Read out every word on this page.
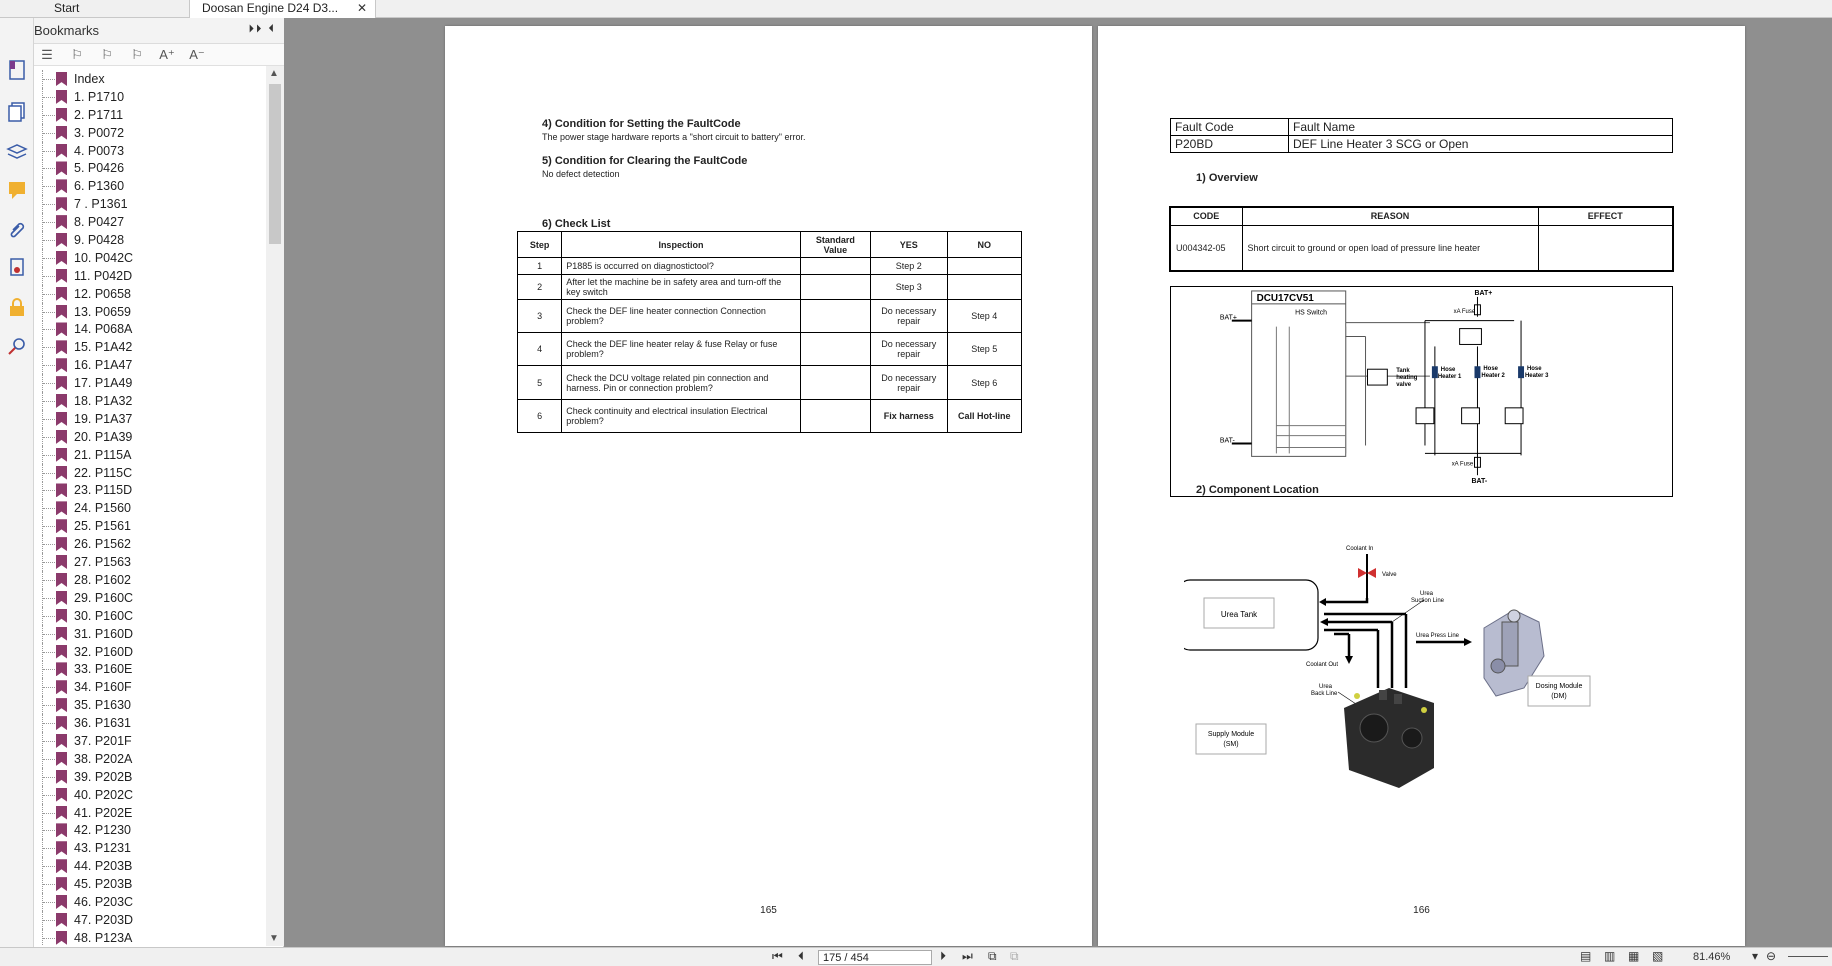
Start	Doosan Engine D24 D3... ✕
Bookmarks	⏵⏵ ⏴
☰ ⚐ ⚐ ⚐ A⁺ A⁻
Index
1. P1710
2. P1711
3. P0072
4. P0073
5. P0426
6. P1360
7 . P1361
8. P0427
9. P0428
10. P042C
11. P042D
12. P0658
13. P0659
14. P068A
15. P1A42
16. P1A47
17. P1A49
18. P1A32
19. P1A37
20. P1A39
21. P115A
22. P115C
23. P115D
24. P1560
25. P1561
26. P1562
27. P1563
28. P1602
29. P160C
30. P160C
31. P160D
32. P160D
33. P160E
34. P160F
35. P1630
36. P1631
37. P201F
38. P202A
39. P202B
40. P202C
41. P202E
42. P1230
43. P1231
44. P203B
45. P203B
46. P203C
47. P203D
48. P123A
▲
▼
4) Condition for Setting the FaultCode
The power stage hardware reports a "short circuit to battery" error.
5) Condition for Clearing the FaultCode
No defect detection
6) Check List
Step	Inspection	Standard Value	YES	NO
1	P1885 is occurred on diagnostictool?		Step 2	
2	After let the machine be in safety area and turn-off the key switch		Step 3	
3	Check the DEF line heater connection Connection problem?		Do necessary repair	Step 4
4	Check the DEF line heater relay & fuse Relay or fuse problem?		Do necessary repair	Step 5
5	Check the DCU voltage related pin connection and harness. Pin or connection problem?		Do necessary repair	Step 6
6	Check continuity and electrical insulation Electrical problem?		Fix harness	Call Hot-line
165
Fault Code	Fault Name
P20BD	DEF Line Heater 3 SCG or Open
1) Overview
CODE	REASON	EFFECT
U004342-05	Short circuit to ground or open load of pressure line heater	
DCU17CV51
HS Switch
BAT+
BAT-
BAT+
xA Fuse
Tank heating valve
Hose Heater 1
Hose Heater 2
Hose Heater 3
xA Fuse
BAT-
2) Component Location
Coolant In
Valve
Urea Tank
Urea Suction Line
Urea Press Line
Coolant Out
Urea Back Line
Supply Module (SM)
Dosing Module (DM)
166
⏮ ⏴
175 / 454	⏵ ⏭ ⧉ ⧉	▤ ▥ ▦ ▧	81.46% ▾ ⊖
